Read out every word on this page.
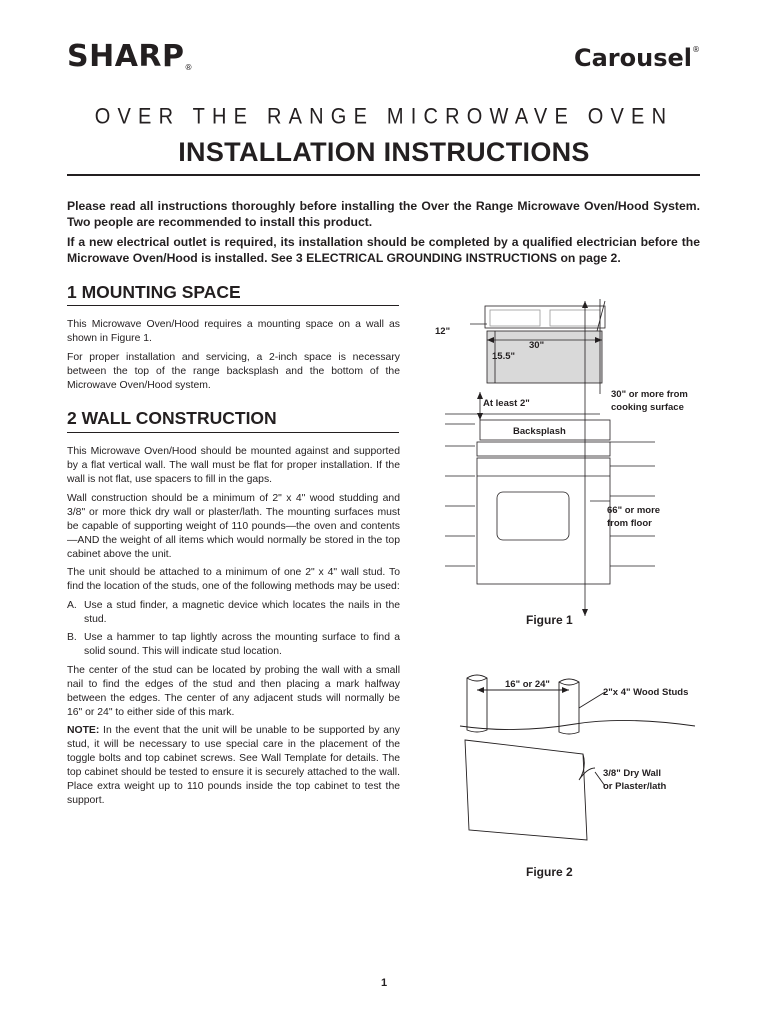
SHARP®	Carousel®
OVER THE RANGE MICROWAVE OVEN
INSTALLATION INSTRUCTIONS
Please read all instructions thoroughly before installing the Over the Range Microwave Oven/Hood System. Two people are recommended to install this product.
If a new electrical outlet is required, its installation should be completed by a qualified electrician before the Microwave Oven/Hood is installed. See 3 ELECTRICAL GROUNDING INSTRUCTIONS on page 2.
1 MOUNTING SPACE

This Microwave Oven/Hood requires a mounting space on a wall as shown in Figure 1.

For proper installation and servicing, a 2-inch space is necessary between the top of the range backsplash and the bottom of the Microwave Oven/Hood system.

2 WALL CONSTRUCTION

This Microwave Oven/Hood should be mounted against and supported by a flat vertical wall. The wall must be flat for proper installation. If the wall is not flat, use spacers to fill in the gaps.

Wall construction should be a minimum of 2" x 4" wood studding and 3/8" or more thick dry wall or plaster/lath. The mounting surfaces must be capable of supporting weight of 110 pounds—the oven and contents—AND the weight of all items which would normally be stored in the top cabinet above the unit.

The unit should be attached to a minimum of one 2" x 4" wall stud. To find the location of the studs, one of the following methods may be used:

A. Use a stud finder, a magnetic device which locates the nails in the stud.
B. Use a hammer to tap lightly across the mounting surface to find a solid sound. This will indicate stud location.

The center of the stud can be located by probing the wall with a small nail to find the edges of the stud and then placing a mark halfway between the edges. The center of any adjacent studs will normally be 16" or 24" to either side of this mark.

NOTE: In the event that the unit will be unable to be supported by any stud, it will be necessary to use special care in the placement of the toggle bolts and top cabinet screws. See Wall Template for details. The top cabinet should be tested to ensure it is securely attached to the wall. Place extra weight up to 110 pounds inside the top cabinet to test the support.

12"
30"
15.5"
At least 2"
Backsplash
30" or more from
cooking surface
66" or more
from floor
Figure 1
16" or 24"
2"x 4" Wood Studs
3/8" Dry Wall
or Plaster/lath
Figure 2
1
